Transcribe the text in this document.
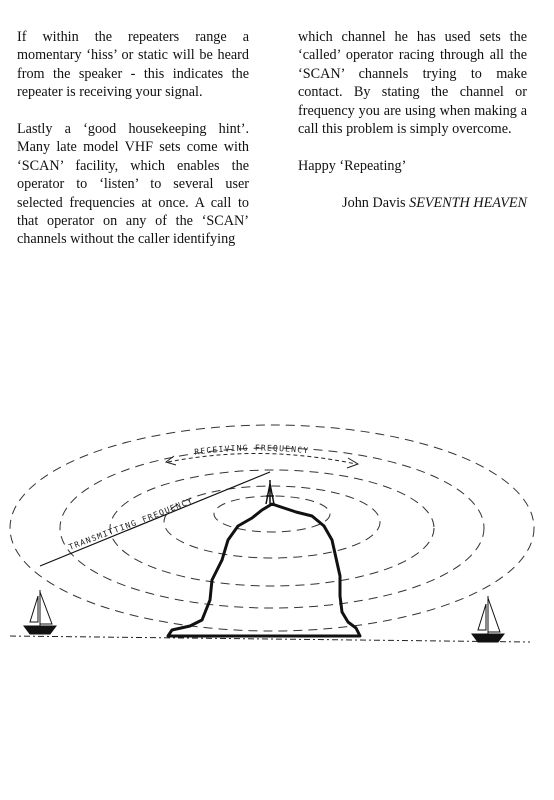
If within the repeaters range a momentary ‘hiss’ or static will be heard from the speaker - this indicates the repeater is receiving your signal.

Lastly a ‘good housekeeping hint’. Many late model VHF sets come with ‘SCAN’ facility, which enables the operator to ‘listen’ to several user selected frequencies at once. A call to that operator on any of the ‘SCAN’ channels without the caller identifying

which channel he has used sets the ‘called’ operator racing through all the ‘SCAN’ channels trying to make contact. By stating the channel or frequency you are using when making a call this problem is simply overcome.

Happy ‘Repeating’

John Davis SEVENTH HEAVEN

TRANSMITTING FREQUENCY
RECEIVING FREQUENCY
